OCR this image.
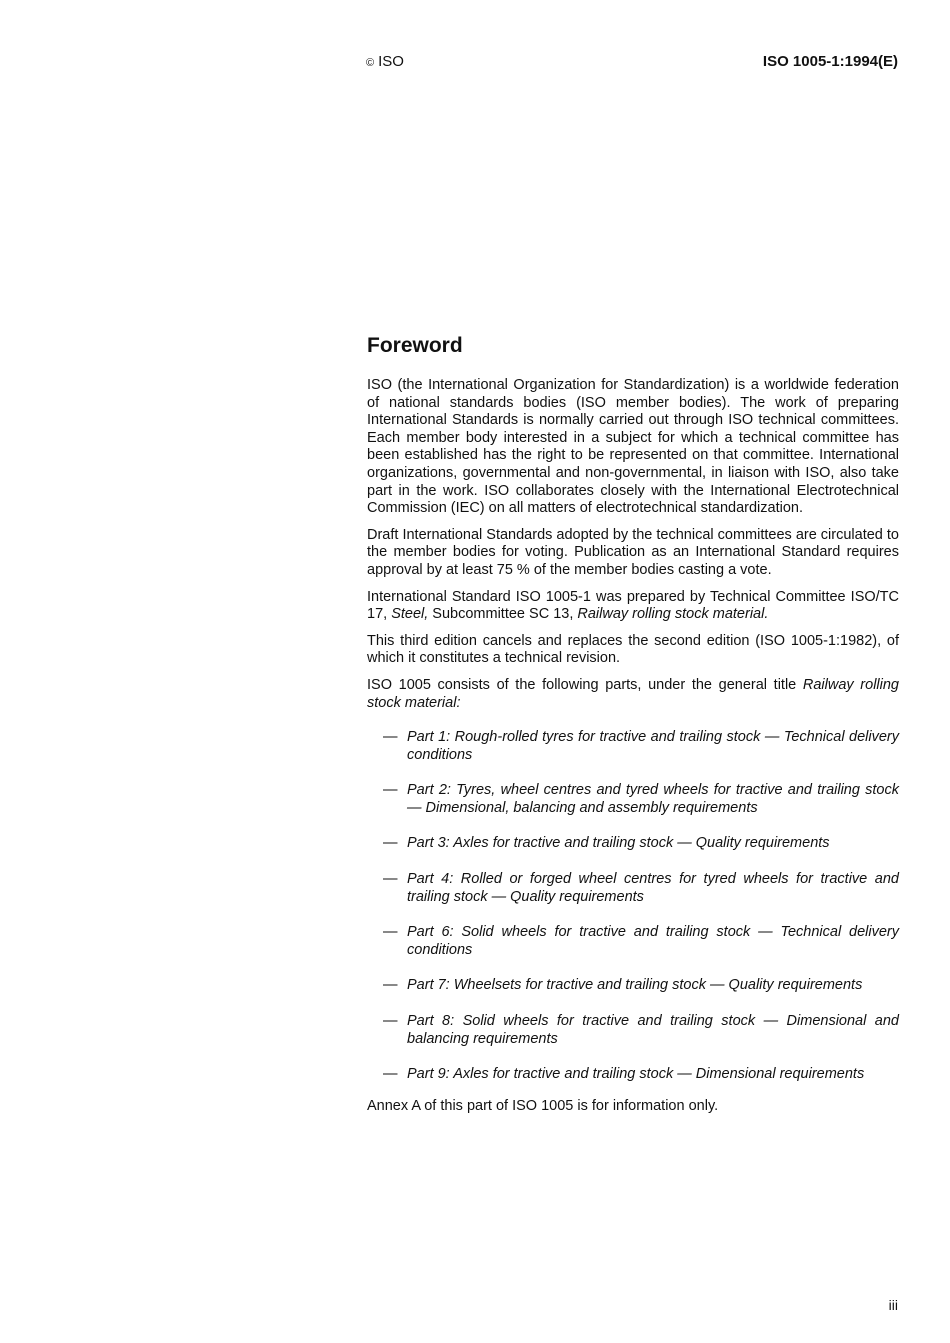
© ISO	ISO 1005-1:1994(E)
Foreword

ISO (the International Organization for Standardization) is a worldwide federation of national standards bodies (ISO member bodies). The work of preparing International Standards is normally carried out through ISO technical committees. Each member body interested in a subject for which a technical committee has been established has the right to be represented on that committee. International organizations, governmental and non-governmental, in liaison with ISO, also take part in the work. ISO collaborates closely with the International Electrotechnical Commission (IEC) on all matters of electrotechnical standardization.

Draft International Standards adopted by the technical committees are circulated to the member bodies for voting. Publication as an International Standard requires approval by at least 75 % of the member bodies casting a vote.

International Standard ISO 1005-1 was prepared by Technical Committee ISO/TC 17, Steel, Subcommittee SC 13, Railway rolling stock material.

This third edition cancels and replaces the second edition (ISO 1005-1:1982), of which it constitutes a technical revision.

ISO 1005 consists of the following parts, under the general title Railway rolling stock material:

— Part 1: Rough-rolled tyres for tractive and trailing stock — Technical delivery conditions
— Part 2: Tyres, wheel centres and tyred wheels for tractive and trailing stock — Dimensional, balancing and assembly requirements
— Part 3: Axles for tractive and trailing stock — Quality requirements
— Part 4: Rolled or forged wheel centres for tyred wheels for tractive and trailing stock — Quality requirements
— Part 6: Solid wheels for tractive and trailing stock — Technical delivery conditions
— Part 7: Wheelsets for tractive and trailing stock — Quality requirements
— Part 8: Solid wheels for tractive and trailing stock — Dimensional and balancing requirements
— Part 9: Axles for tractive and trailing stock — Dimensional requirements

Annex A of this part of ISO 1005 is for information only.

iii
